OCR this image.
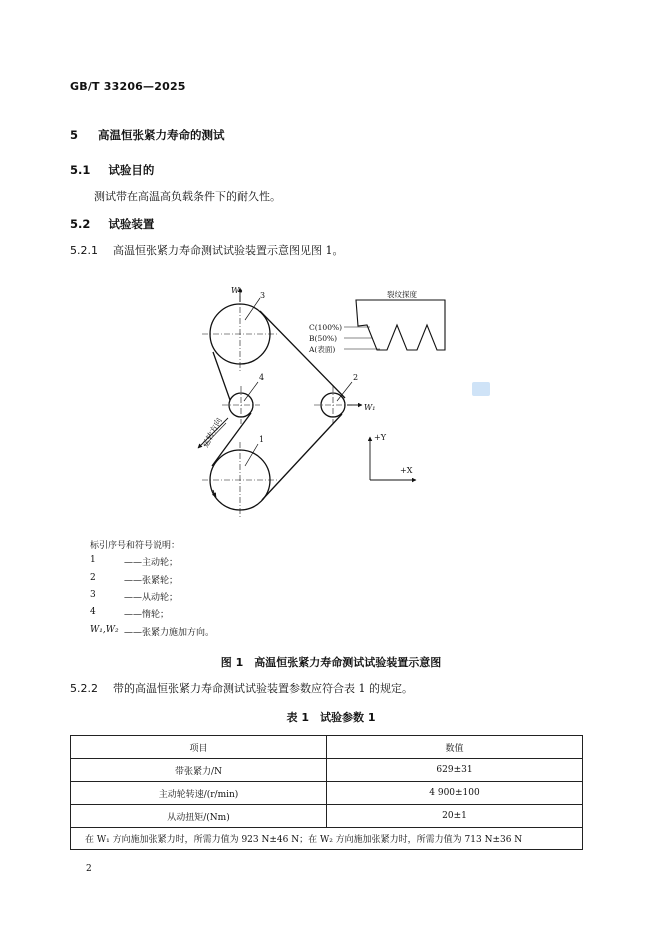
GB/T 33206—2025
5 高温恒张紧力寿命的测试
5.1 试验目的
测试带在高温高负载条件下的耐久性。
5.2 试验装置
5.2.1 高温恒张紧力寿命测试试验装置示意图见图 1。
W₂
3
4	2
W₁
1
运转方向	+Y
+X
裂纹探度
C(100%)
B(50%)
A(表面)
标引序号和符号说明：
1	——主动轮；
2	——张紧轮；
3	——从动轮；
4	——惰轮；
W₁,W₂ ——张紧力施加方向。
图 1　高温恒张紧力寿命测试试验装置示意图
5.2.2 带的高温恒张紧力寿命测试试验装置参数应符合表 1 的规定。
表 1　试验参数 1
项目	数值
带张紧力/N	629±31
主动轮转速/(r/min)	4 900±100
从动扭矩/(Nm)	20±1
在 W₁ 方向施加张紧力时，所需力值为 923 N±46 N；在 W₂ 方向施加张紧力时，所需力值为 713 N±36 N	
2
